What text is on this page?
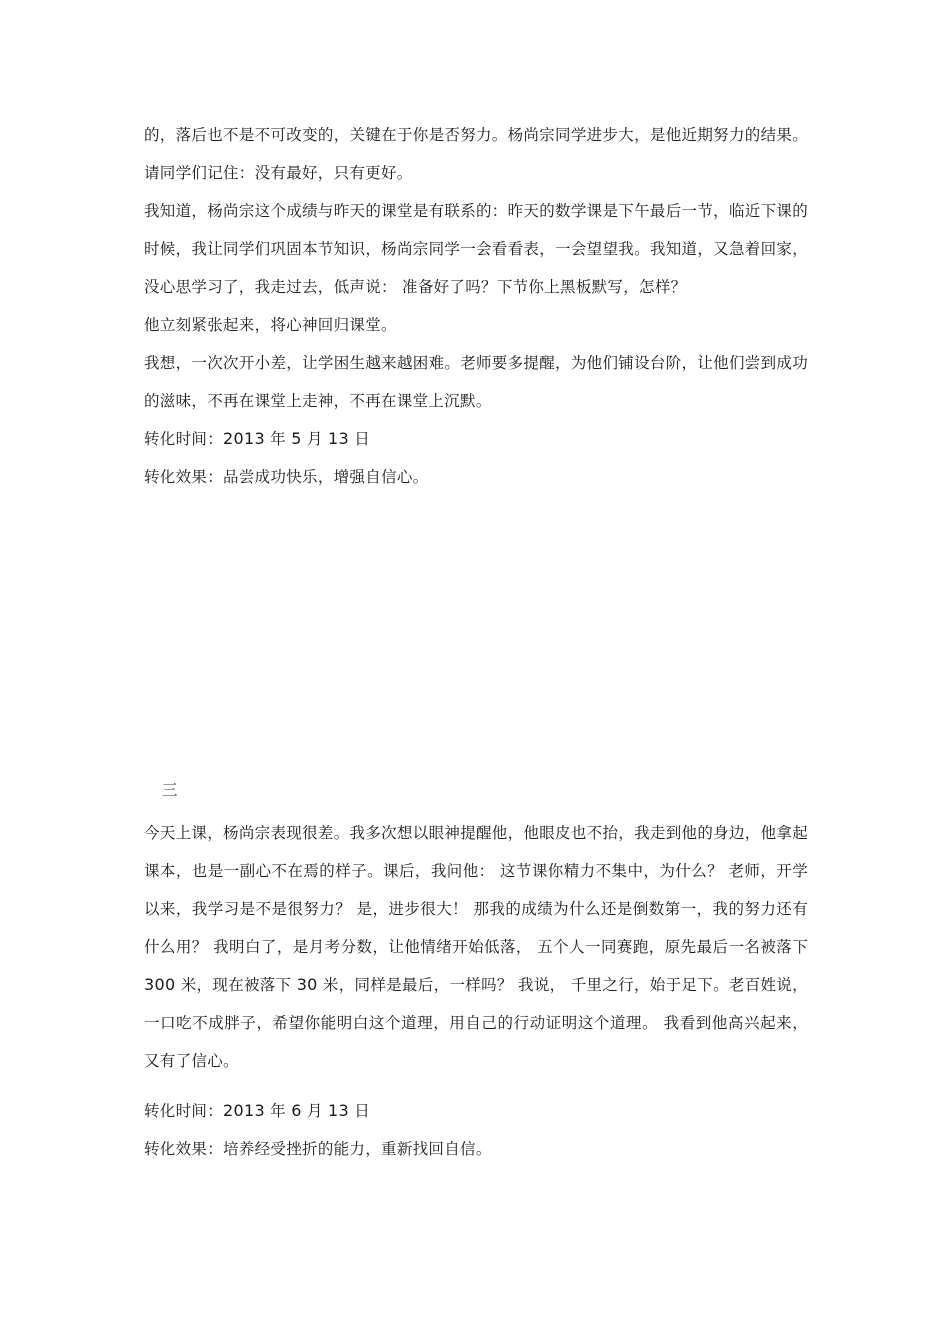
的，落后也不是不可改变的，关键在于你是否努力。杨尚宗同学进步大，是他近期努力的结果。请同学们记住：没有最好，只有更好。

我知道，杨尚宗这个成绩与昨天的课堂是有联系的：昨天的数学课是下午最后一节，临近下课的时候，我让同学们巩固本节知识，杨尚宗同学一会看看表，一会望望我。我知道，又急着回家，没心思学习了，我走过去，低声说： 准备好了吗？下节你上黑板默写，怎样？

他立刻紧张起来，将心神回归课堂。

我想，一次次开小差，让学困生越来越困难。老师要多提醒，为他们铺设台阶，让他们尝到成功的滋味，不再在课堂上走神，不再在课堂上沉默。

转化时间：2013 年 5 月 13 日

转化效果：品尝成功快乐，增强自信心。

三

今天上课，杨尚宗表现很差。我多次想以眼神提醒他，他眼皮也不抬，我走到他的身边，他拿起课本，也是一副心不在焉的样子。课后，我问他： 这节课你精力不集中，为什么？ 老师，开学以来，我学习是不是很努力？ 是，进步很大！ 那我的成绩为什么还是倒数第一，我的努力还有什么用？ 我明白了，是月考分数，让他情绪开始低落， 五个人一同赛跑，原先最后一名被落下 300 米，现在被落下 30 米，同样是最后，一样吗？ 我说， 千里之行，始于足下。老百姓说，一口吃不成胖子，希望你能明白这个道理，用自己的行动证明这个道理。 我看到他高兴起来，又有了信心。

转化时间：2013 年 6 月 13 日

转化效果：培养经受挫折的能力，重新找回自信。
